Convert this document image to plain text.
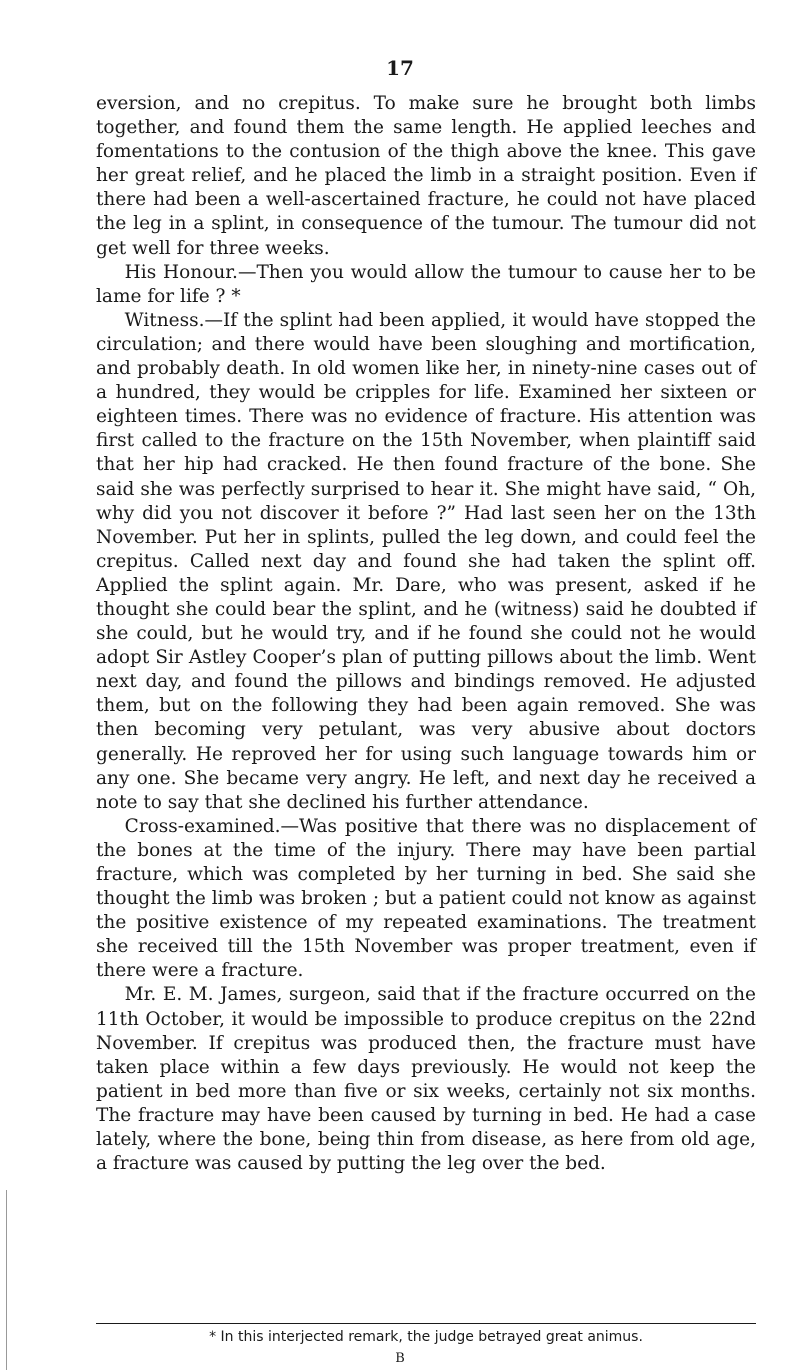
17

eversion, and no crepitus. To make sure he brought both limbs together, and found them the same length. He applied leeches and fomentations to the contusion of the thigh above the knee. This gave her great relief, and he placed the limb in a straight position. Even if there had been a well-ascertained fracture, he could not have placed the leg in a splint, in consequence of the tumour. The tumour did not get well for three weeks.

His Honour.—Then you would allow the tumour to cause her to be lame for life ? *

Witness.—If the splint had been applied, it would have stopped the circulation; and there would have been sloughing and mortification, and probably death. In old women like her, in ninety-nine cases out of a hundred, they would be cripples for life. Examined her sixteen or eighteen times. There was no evidence of fracture. His attention was first called to the fracture on the 15th November, when plaintiff said that her hip had cracked. He then found fracture of the bone. She said she was perfectly surprised to hear it. She might have said, “ Oh, why did you not discover it before ?” Had last seen her on the 13th November. Put her in splints, pulled the leg down, and could feel the crepitus. Called next day and found she had taken the splint off. Applied the splint again. Mr. Dare, who was present, asked if he thought she could bear the splint, and he (witness) said he doubted if she could, but he would try, and if he found she could not he would adopt Sir Astley Cooper’s plan of putting pillows about the limb. Went next day, and found the pillows and bindings removed. He adjusted them, but on the following they had been again removed. She was then becoming very petulant, was very abusive about doctors generally. He reproved her for using such language towards him or any one. She became very angry. He left, and next day he received a note to say that she declined his further attendance.

Cross-examined.—Was positive that there was no displacement of the bones at the time of the injury. There may have been partial fracture, which was completed by her turning in bed. She said she thought the limb was broken ; but a patient could not know as against the positive existence of my repeated examinations. The treatment she received till the 15th November was proper treatment, even if there were a fracture.

Mr. E. M. James, surgeon, said that if the fracture occurred on the 11th October, it would be impossible to produce crepitus on the 22nd November. If crepitus was produced then, the fracture must have taken place within a few days previously. He would not keep the patient in bed more than five or six weeks, certainly not six months. The fracture may have been caused by turning in bed. He had a case lately, where the bone, being thin from disease, as here from old age, a fracture was caused by putting the leg over the bed.

* In this interjected remark, the judge betrayed great animus.
B
